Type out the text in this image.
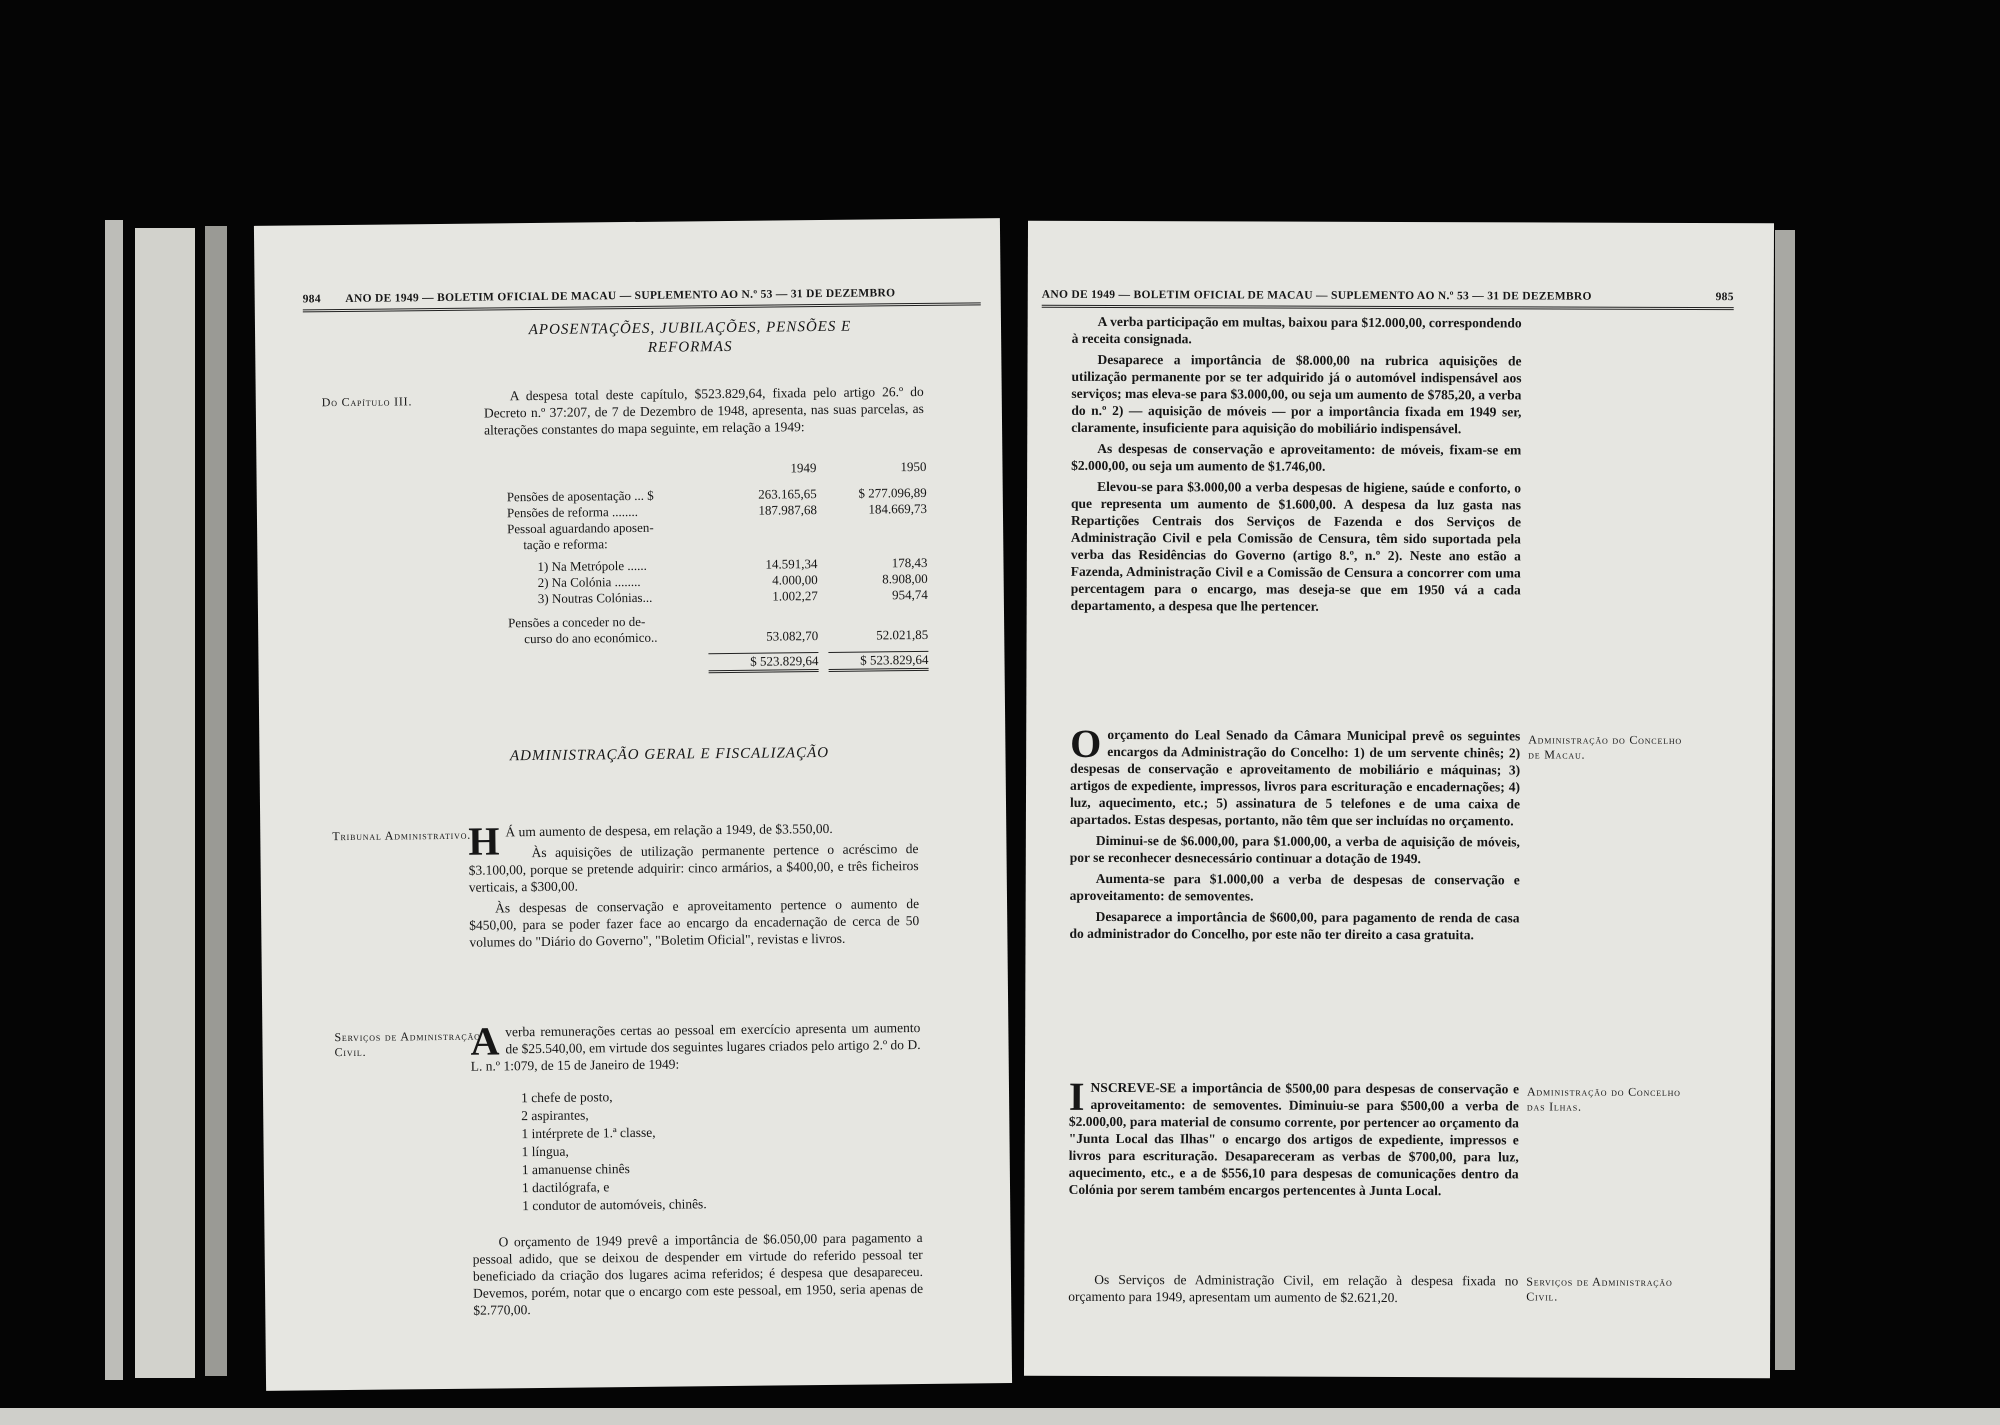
984 ANO DE 1949 — BOLETIM OFICIAL DE MACAU — SUPLEMENTO AO N.º 53 — 31 DE DEZEMBRO
APOSENTAÇÕES, JUBILAÇÕES, PENSÕES E REFORMAS
Do Capítulo III.	A despesa total deste capítulo, $523.829,64, fixada pelo artigo 26.º do Decreto n.º 37:207, de 7 de Dezembro de 1948, apresenta, nas suas parcelas, as alterações constantes do mapa seguinte, em relação a 1949:

1949	1950
Pensões de aposentação ... $	263.165,65	$ 277.096,89
Pensões de reforma ........	187.987,68	184.669,73
Pessoal aguardando aposen-
tação e reforma:
1) Na Metrópole ......	14.591,34	178,43
2) Na Colónia ........	4.000,00	8.908,00
3) Noutras Colónias...	1.002,27	954,74
Pensões a conceder no de-
curso do ano económico..	53.082,70	52.021,85
$ 523.829,64	$ 523.829,64
ADMINISTRAÇÃO GERAL E FISCALIZAÇÃO
Tribunal Administrativo.

H Á um aumento de despesa, em relação a 1949, de $3.550,00.

Às aquisições de utilização permanente pertence o acréscimo de $3.100,00, porque se pretende adquirir: cinco armários, a $400,00, e três ficheiros verticais, a $300,00.

Às despesas de conservação e aproveitamento pertence o aumento de $450,00, para se poder fazer face ao encargo da encadernação de cerca de 50 volumes do "Diário do Governo", "Boletim Oficial", revistas e livros.

Serviços de Administração Civil.	A verba remunerações certas ao pessoal em exercício apresenta um aumento de $25.540,00, em virtude dos seguintes lugares criados pelo artigo 2.º do D. L. n.º 1:079, de 15 de Janeiro de 1949:

1 chefe de posto,
2 aspirantes,
1 intérprete de 1.ª classe,
1 língua,
1 amanuense chinês
1 dactilógrafa, e
1 condutor de automóveis, chinês.

O orçamento de 1949 prevê a importância de $6.050,00 para pagamento a pessoal adido, que se deixou de despender em virtude do referido pessoal ter beneficiado da criação dos lugares acima referidos; é despesa que desapareceu. Devemos, porém, notar que o encargo com este pessoal, em 1950, seria apenas de $2.770,00.

ANO DE 1949 — BOLETIM OFICIAL DE MACAU — SUPLEMENTO AO N.º 53 — 31 DE DEZEMBRO	985

A verba participação em multas, baixou para $12.000,00, correspondendo à receita consignada.

Desaparece a importância de $8.000,00 na rubrica aquisições de utilização permanente por se ter adquirido já o automóvel indispensável aos serviços; mas eleva-se para $3.000,00, ou seja um aumento de $785,20, a verba do n.º 2) — aquisição de móveis — por a importância fixada em 1949 ser, claramente, insuficiente para aquisição do mobiliário indispensável.

As despesas de conservação e aproveitamento: de móveis, fixam-se em $2.000,00, ou seja um aumento de $1.746,00.

Elevou-se para $3.000,00 a verba despesas de higiene, saúde e conforto, o que representa um aumento de $1.600,00. A despesa da luz gasta nas Repartições Centrais dos Serviços de Fazenda e dos Serviços de Administração Civil e pela Comissão de Censura, têm sido suportada pela verba das Residências do Governo (artigo 8.º, n.º 2). Neste ano estão a Fazenda, Administração Civil e a Comissão de Censura a concorrer com uma percentagem para o encargo, mas deseja-se que em 1950 vá a cada departamento, a despesa que lhe pertencer.

Administração do Concelho de Macau.

O orçamento do Leal Senado da Câmara Municipal prevê os seguintes encargos da Administração do Concelho: 1) de um servente chinês; 2) despesas de conservação e aproveitamento de mobiliário e máquinas; 3) artigos de expediente, impressos, livros para escrituração e encadernações; 4) luz, aquecimento, etc.; 5) assinatura de 5 telefones e de uma caixa de apartados. Estas despesas, portanto, não têm que ser incluídas no orçamento.

Diminui-se de $6.000,00, para $1.000,00, a verba de aquisição de móveis, por se reconhecer desnecessário continuar a dotação de 1949.

Aumenta-se para $1.000,00 a verba de despesas de conservação e aproveitamento: de semoventes.

Desaparece a importância de $600,00, para pagamento de renda de casa do administrador do Concelho, por este não ter direito a casa gratuita.

Administração do Concelho das Ilhas.

I NSCREVE-SE a importância de $500,00 para despesas de conservação e aproveitamento: de semoventes. Diminuiu-se para $500,00 a verba de $2.000,00, para material de consumo corrente, por pertencer ao orçamento da "Junta Local das Ilhas" o encargo dos artigos de expediente, impressos e livros para escrituração. Desapareceram as verbas de $700,00, para luz, aquecimento, etc., e a de $556,10 para despesas de comunicações dentro da Colónia por serem também encargos pertencentes à Junta Local.

Serviços de Administração Civil.

Os Serviços de Administração Civil, em relação à despesa fixada no orçamento para 1949, apresentam um aumento de $2.621,20.
